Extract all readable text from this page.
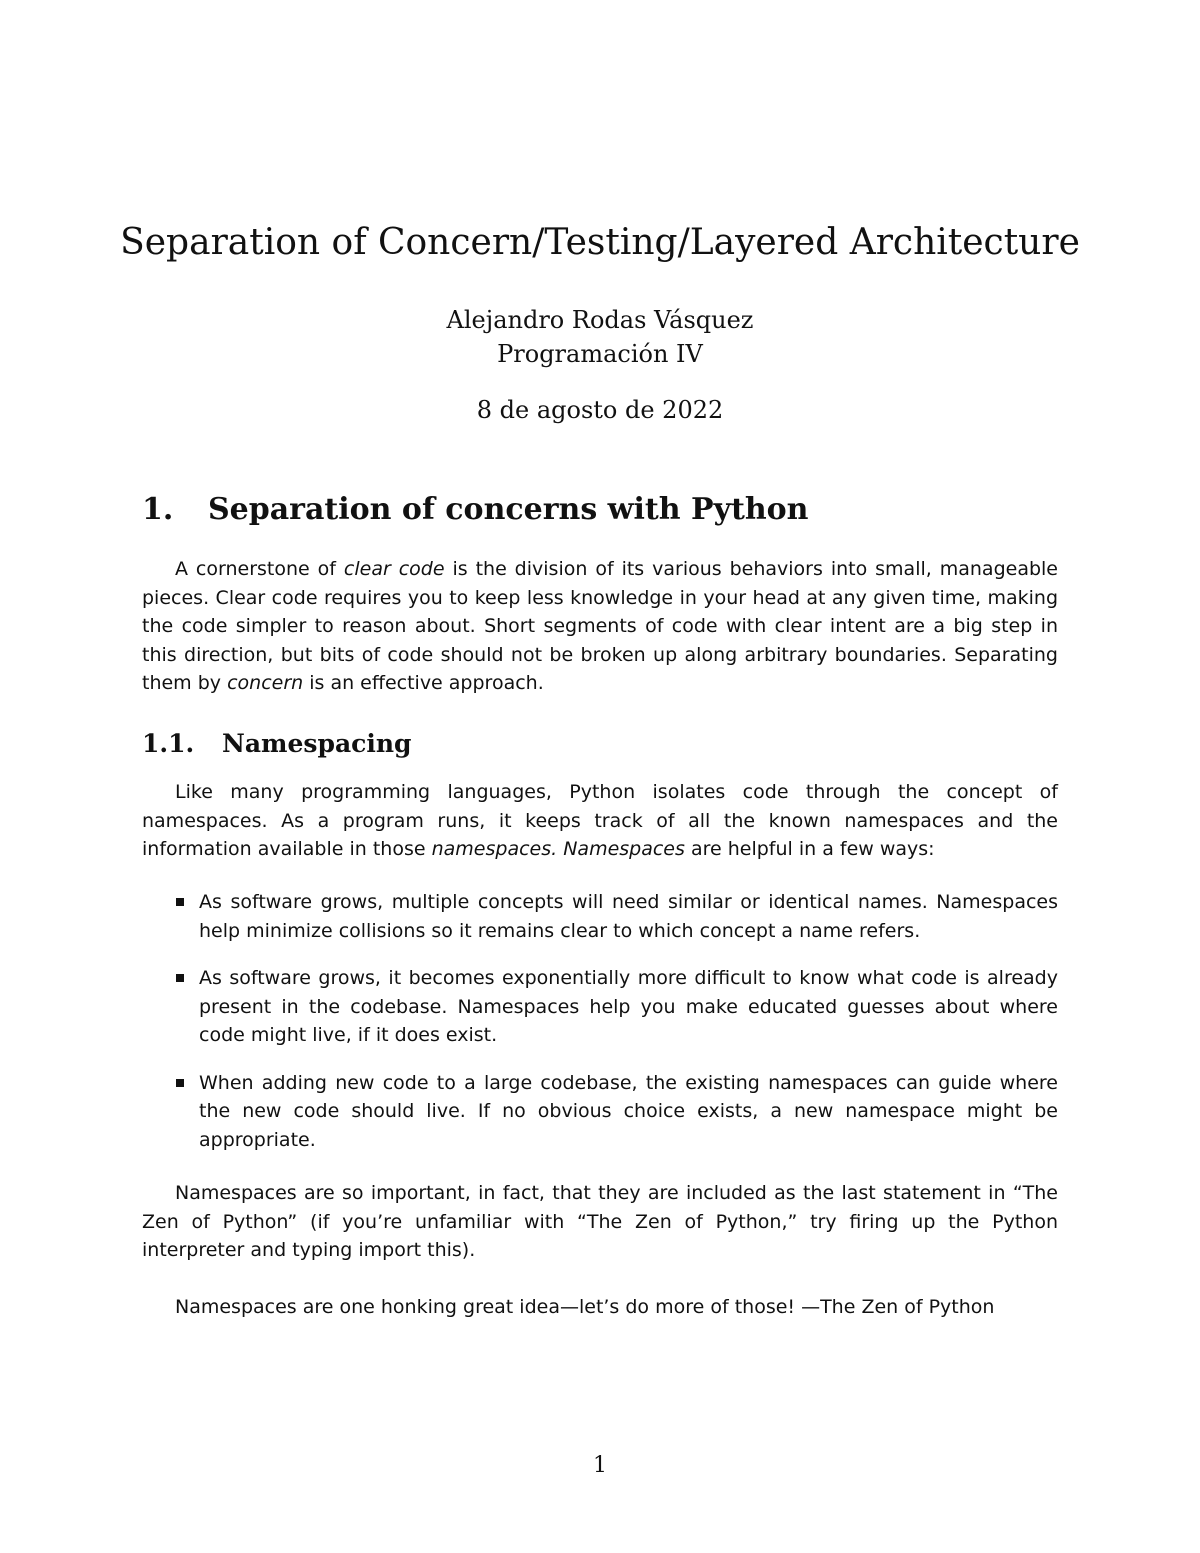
Separation of Concern/Testing/Layered Architecture
Alejandro Rodas Vásquez
Programación IV
8 de agosto de 2022
1. Separation of concerns with Python

A cornerstone of clear code is the division of its various behaviors into small, manageable pieces. Clear code requires you to keep less knowledge in your head at any given time, making the code simpler to reason about. Short segments of code with clear intent are a big step in this direction, but bits of code should not be broken up along arbitrary boundaries. Separating them by concern is an effective approach.

1.1. Namespacing

Like many programming languages, Python isolates code through the concept of namespaces. As a program runs, it keeps track of all the known namespaces and the information available in those namespaces. Namespaces are helpful in a few ways:

As software grows, multiple concepts will need similar or identical names. Namespaces help minimize collisions so it remains clear to which concept a name refers.
As software grows, it becomes exponentially more difficult to know what code is already present in the codebase. Namespaces help you make educated guesses about where code might live, if it does exist.
When adding new code to a large codebase, the existing namespaces can guide where the new code should live. If no obvious choice exists, a new namespace might be appropriate.

Namespaces are so important, in fact, that they are included as the last statement in “The Zen of Python” (if you’re unfamiliar with “The Zen of Python,” try firing up the Python interpreter and typing import this).

Namespaces are one honking great idea—let’s do more of those! —The Zen of Python

1
